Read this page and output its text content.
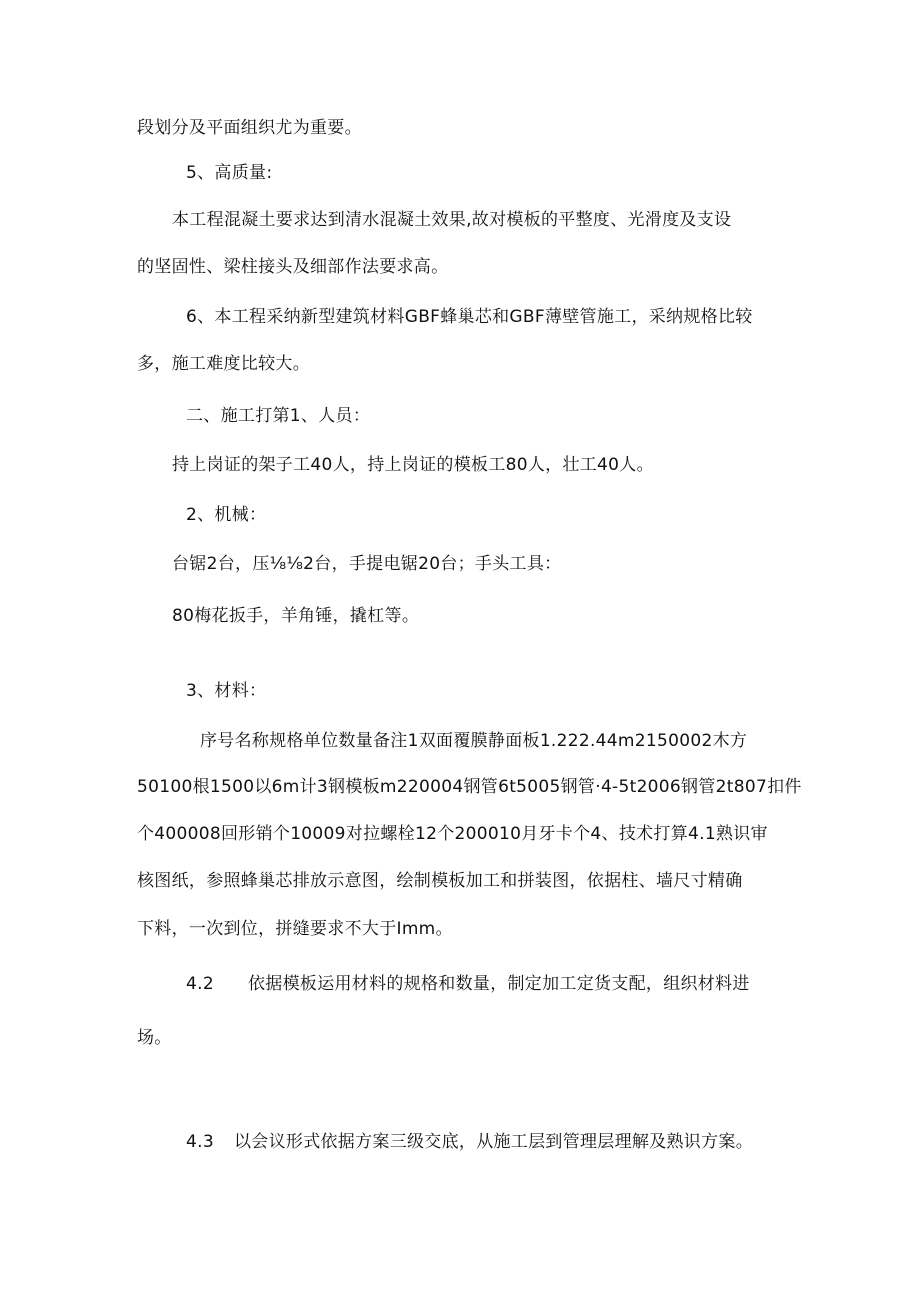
段划分及平面组织尤为重要。
5、高质量:
本工程混凝土要求达到清水混凝土效果,故对模板的平整度、光滑度及支设
的坚固性、梁柱接头及细部作法要求高。
6、本工程采纳新型建筑材料GBF蜂巢芯和GBF薄壁管施工，采纳规格比较
多，施工难度比较大。
二、施工打第1、人员：
持上岗证的架子工40人，持上岗证的模板工80人，壮工40人。
2、机械：
台锯2台，压⅛⅛2台，手提电锯20台；手头工具：
80梅花扳手，羊角锤，撬杠等。
3、材料：
序号名称规格单位数量备注1双面覆膜静面板1.222.44m2150002木方
50100根1500以6m计3钢模板m220004钢管6t5005钢管·4-5t2006钢管2t807扣件
个400008回形销个10009对拉螺栓12个200010月牙卡个4、技术打算4.1熟识审
核图纸，参照蜂巢芯排放示意图，绘制模板加工和拼装图，依据柱、墙尺寸精确
下料，一次到位，拼缝要求不大于Imm。
4.2 依据模板运用材料的规格和数量，制定加工定货支配，组织材料进
场。
4.3 以会议形式依据方案三级交底，从施工层到管理层理解及熟识方案。
